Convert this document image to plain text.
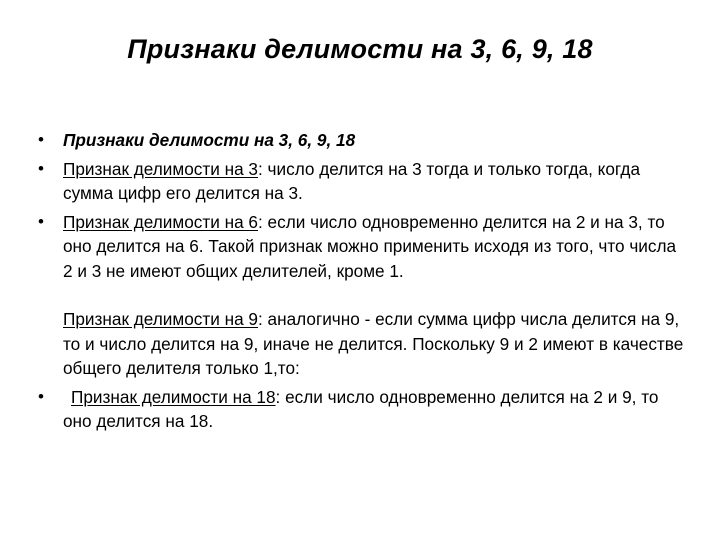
Признаки делимости на 3, 6, 9, 18
• Признаки делимости на 3, 6, 9, 18
• Признак делимости на 3: число делится на 3 тогда и только тогда, когда сумма цифр его делится на 3.
• Признак делимости на 6: если число одновременно делится на 2 и на 3, то оно делится на 6. Такой признак можно применить исходя из того, что числа 2 и 3 не имеют общих делителей, кроме 1.
Признак делимости на 9: аналогично - если сумма цифр числа делится на 9, то и число делится на 9, иначе не делится. Поскольку 9 и 2 имеют в качестве общего делителя только 1,то:
• Признак делимости на 18: если число одновременно делится на 2 и 9, то оно делится на 18.
